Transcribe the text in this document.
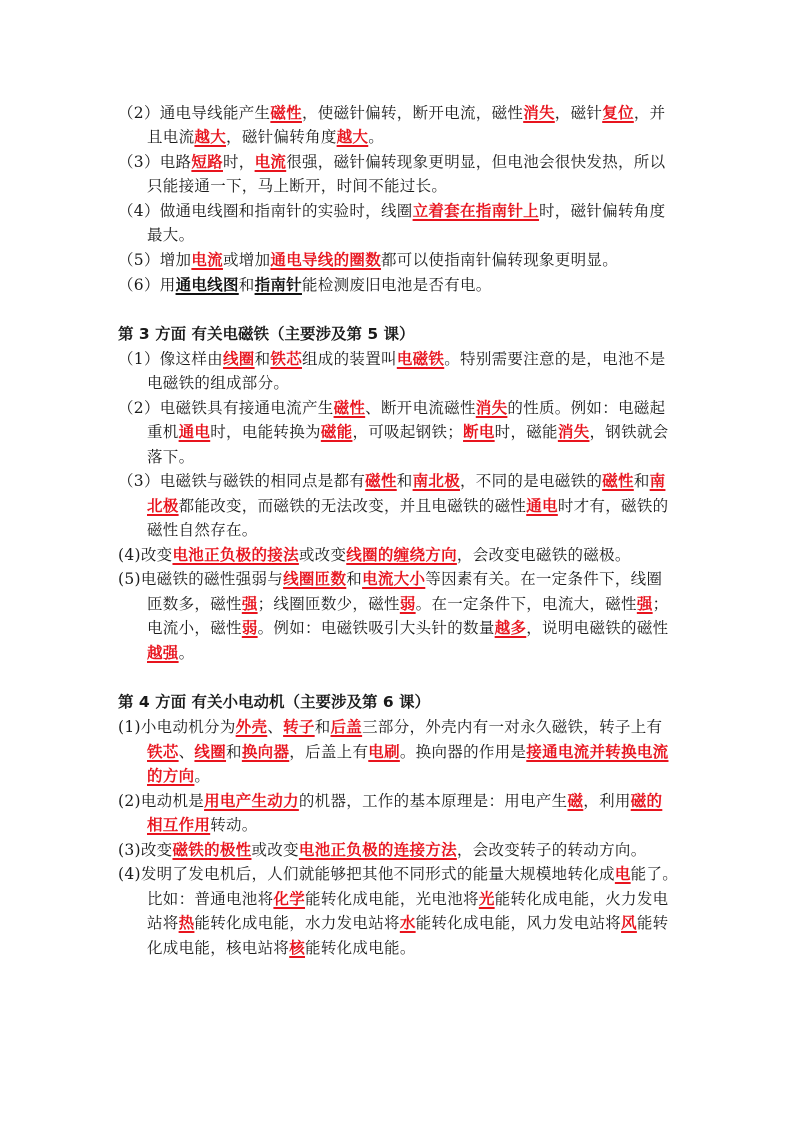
第 3 方面 有关电磁铁（主要涉及第 5 课）
第 4 方面 有关小电动机（主要涉及第 6 课）
（2）通电导线能产生磁性，使磁针偏转，断开电流，磁性消失，磁针复位，并
且电流越大，磁针偏转角度越大。
（3）电路短路时，电流很强，磁针偏转现象更明显，但电池会很快发热，所以
只能接通一下，马上断开，时间不能过长。
（4）做通电线圈和指南针的实验时，线圈立着套在指南针上时，磁针偏转角度
最大。
（5）增加电流或增加通电导线的圈数都可以使指南针偏转现象更明显。
（6）用通电线图和指南针能检测废旧电池是否有电。
（1）像这样由线圈和铁芯组成的装置叫电磁铁。特别需要注意的是，电池不是
电磁铁的组成部分。
（2）电磁铁具有接通电流产生磁性、断开电流磁性消失的性质。例如：电磁起
重机通电时，电能转换为磁能，可吸起钢铁；断电时，磁能消失，钢铁就会
落下。
（3）电磁铁与磁铁的相同点是都有磁性和南北极，不同的是电磁铁的磁性和南
北极都能改变，而磁铁的无法改变，并且电磁铁的磁性通电时才有，磁铁的
磁性自然存在。
(4)改变电池正负极的接法或改变线圈的缠绕方向，会改变电磁铁的磁极。
(5)电磁铁的磁性强弱与线圈匝数和电流大小等因素有关。在一定条件下，线圈
匝数多，磁性强；线圈匝数少，磁性弱。在一定条件下，电流大，磁性强；
电流小，磁性弱。例如：电磁铁吸引大头针的数量越多，说明电磁铁的磁性
越强。
(1)小电动机分为外壳、转子和后盖三部分，外壳内有一对永久磁铁，转子上有
铁芯、线圈和换向器，后盖上有电刷。换向器的作用是接通电流并转换电流
的方向。
(2)电动机是用电产生动力的机器，工作的基本原理是：用电产生磁，利用磁的
相互作用转动。
(3)改变磁铁的极性或改变电池正负极的连接方法，会改变转子的转动方向。
(4)发明了发电机后，人们就能够把其他不同形式的能量大规模地转化成电能了。
比如：普通电池将化学能转化成电能，光电池将光能转化成电能，火力发电
站将热能转化成电能，水力发电站将水能转化成电能，风力发电站将风能转
化成电能，核电站将核能转化成电能。
